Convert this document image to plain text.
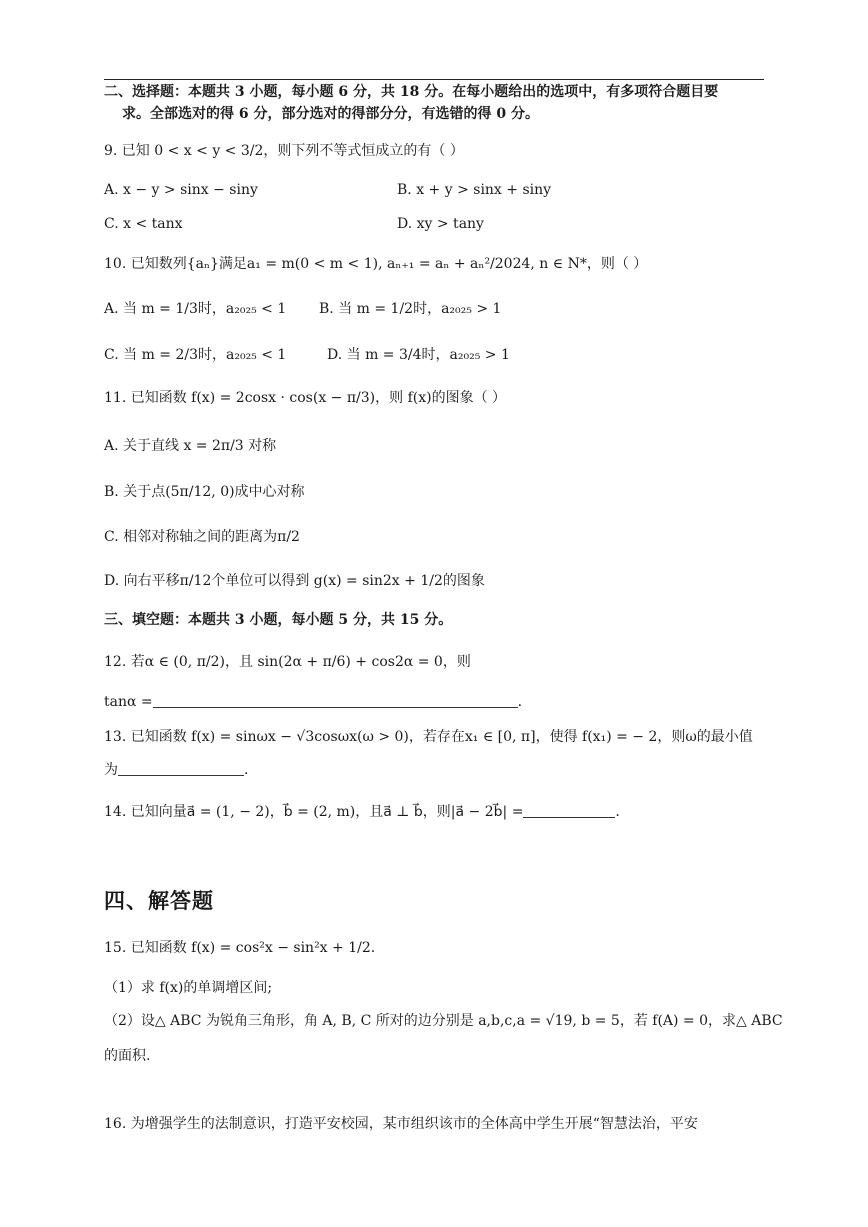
二、选择题：本题共 3 小题，每小题 6 分，共 18 分。在每小题给出的选项中，有多项符合题目要
求。全部选对的得 6 分，部分选对的得部分分，有选错的得 0 分。
9. 已知 0 < x < y < 3/2，则下列不等式恒成立的有（ ）
A. x − y > sinx − siny	B. x + y > sinx + siny
C. x < tanx	D. xy > tany
10. 已知数列{aₙ}满足a₁ = m(0 < m < 1), aₙ₊₁ = aₙ + aₙ²/2024, n ∈ N*，则（ ）
A. 当 m = 1/3时，a₂₀₂₅ < 1 B. 当 m = 1/2时，a₂₀₂₅ > 1
C. 当 m = 2/3时，a₂₀₂₅ < 1	D. 当 m = 3/4时，a₂₀₂₅ > 1
11. 已知函数 f(x) = 2cosx · cos(x − π/3)，则 f(x)的图象（ ）
A. 关于直线 x = 2π/3 对称
B. 关于点(5π/12, 0)成中心对称
C. 相邻对称轴之间的距离为π/2
D. 向右平移π/12个单位可以得到 g(x) = sin2x + 1/2的图象
三、填空题：本题共 3 小题，每小题 5 分，共 15 分。
12. 若α ∈ (0, π/2)，且 sin(2α + π/6) + cos2α = 0，则
tanα =	.
13. 已知函数 f(x) = sinωx − √3cosωx(ω > 0)，若存在x₁ ∈ [0, π]，使得 f(x₁) = − 2，则ω的最小值
为	.
14. 已知向量a⃗ = (1, − 2)，b⃗ = (2, m)，且a⃗ ⊥ b⃗，则|a⃗ − 2b⃗| =	.
四、解答题
15. 已知函数 f(x) = cos²x − sin²x + 1/2.
（1）求 f(x)的单调增区间;
（2）设△ ABC 为锐角三角形，角 A, B, C 所对的边分别是 a,b,c,a = √19, b = 5，若 f(A) = 0，求△ ABC
的面积.
16. 为增强学生的法制意识，打造平安校园，某市组织该市的全体高中学生开展“智慧法治，平安
